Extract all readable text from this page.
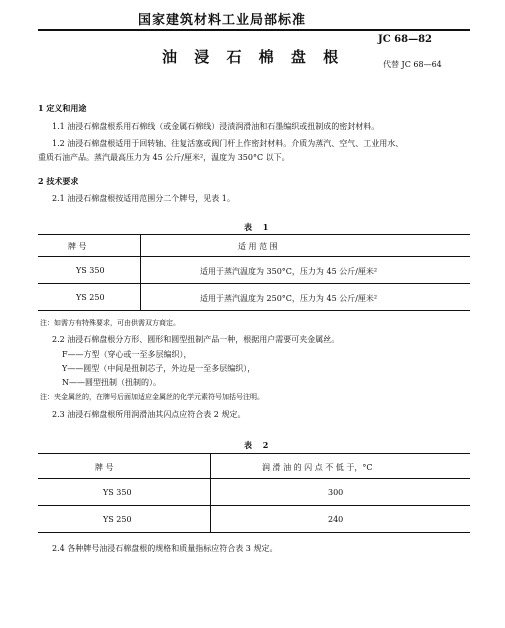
国家建筑材料工业局部标准
JC 68—82
油 浸 石 棉 盘 根	代替 JC 68—64
1 定义和用途
1.1 油浸石棉盘根系用石棉线（或金属石棉线）浸渍润滑油和石墨编织或扭制成的密封材料。
1.2 油浸石棉盘根适用于回转轴、往复活塞或阀门杆上作密封材料。介质为蒸汽、空气、工业用水、
重质石油产品。蒸汽最高压力为 45 公斤/厘米²，温度为 350°C 以下。
2 技术要求
2.1 油浸石棉盘根按适用范围分二个牌号，见表 1。
表 1
牌 号	适 用 范 围
YS 350	适用于蒸汽温度为 350°C，压力为 45 公斤/厘米²
YS 250	适用于蒸汽温度为 250°C，压力为 45 公斤/厘米²
注：如需方有特殊要求，可由供需双方商定。
2.2 油浸石棉盘根分方形、圆形和圆型扭制产品一种，根据用户需要可夹金属丝。
F——方型（穿心或一至多层编织），
Y——圆型（中间是扭制芯子，外边是一至多层编织），
N——圆型扭制（扭制的）。
注：夹金属丝的，在牌号后面加适应金属丝的化学元素符号加括号注明。
2.3 油浸石棉盘根所用润滑油其闪点应符合表 2 规定。
表 2
牌 号	润 滑 油 的 闪 点 不 低 于，°C
YS 350	300
YS 250	240
2.4 各种牌号油浸石棉盘根的规格和质量指标应符合表 3 规定。
